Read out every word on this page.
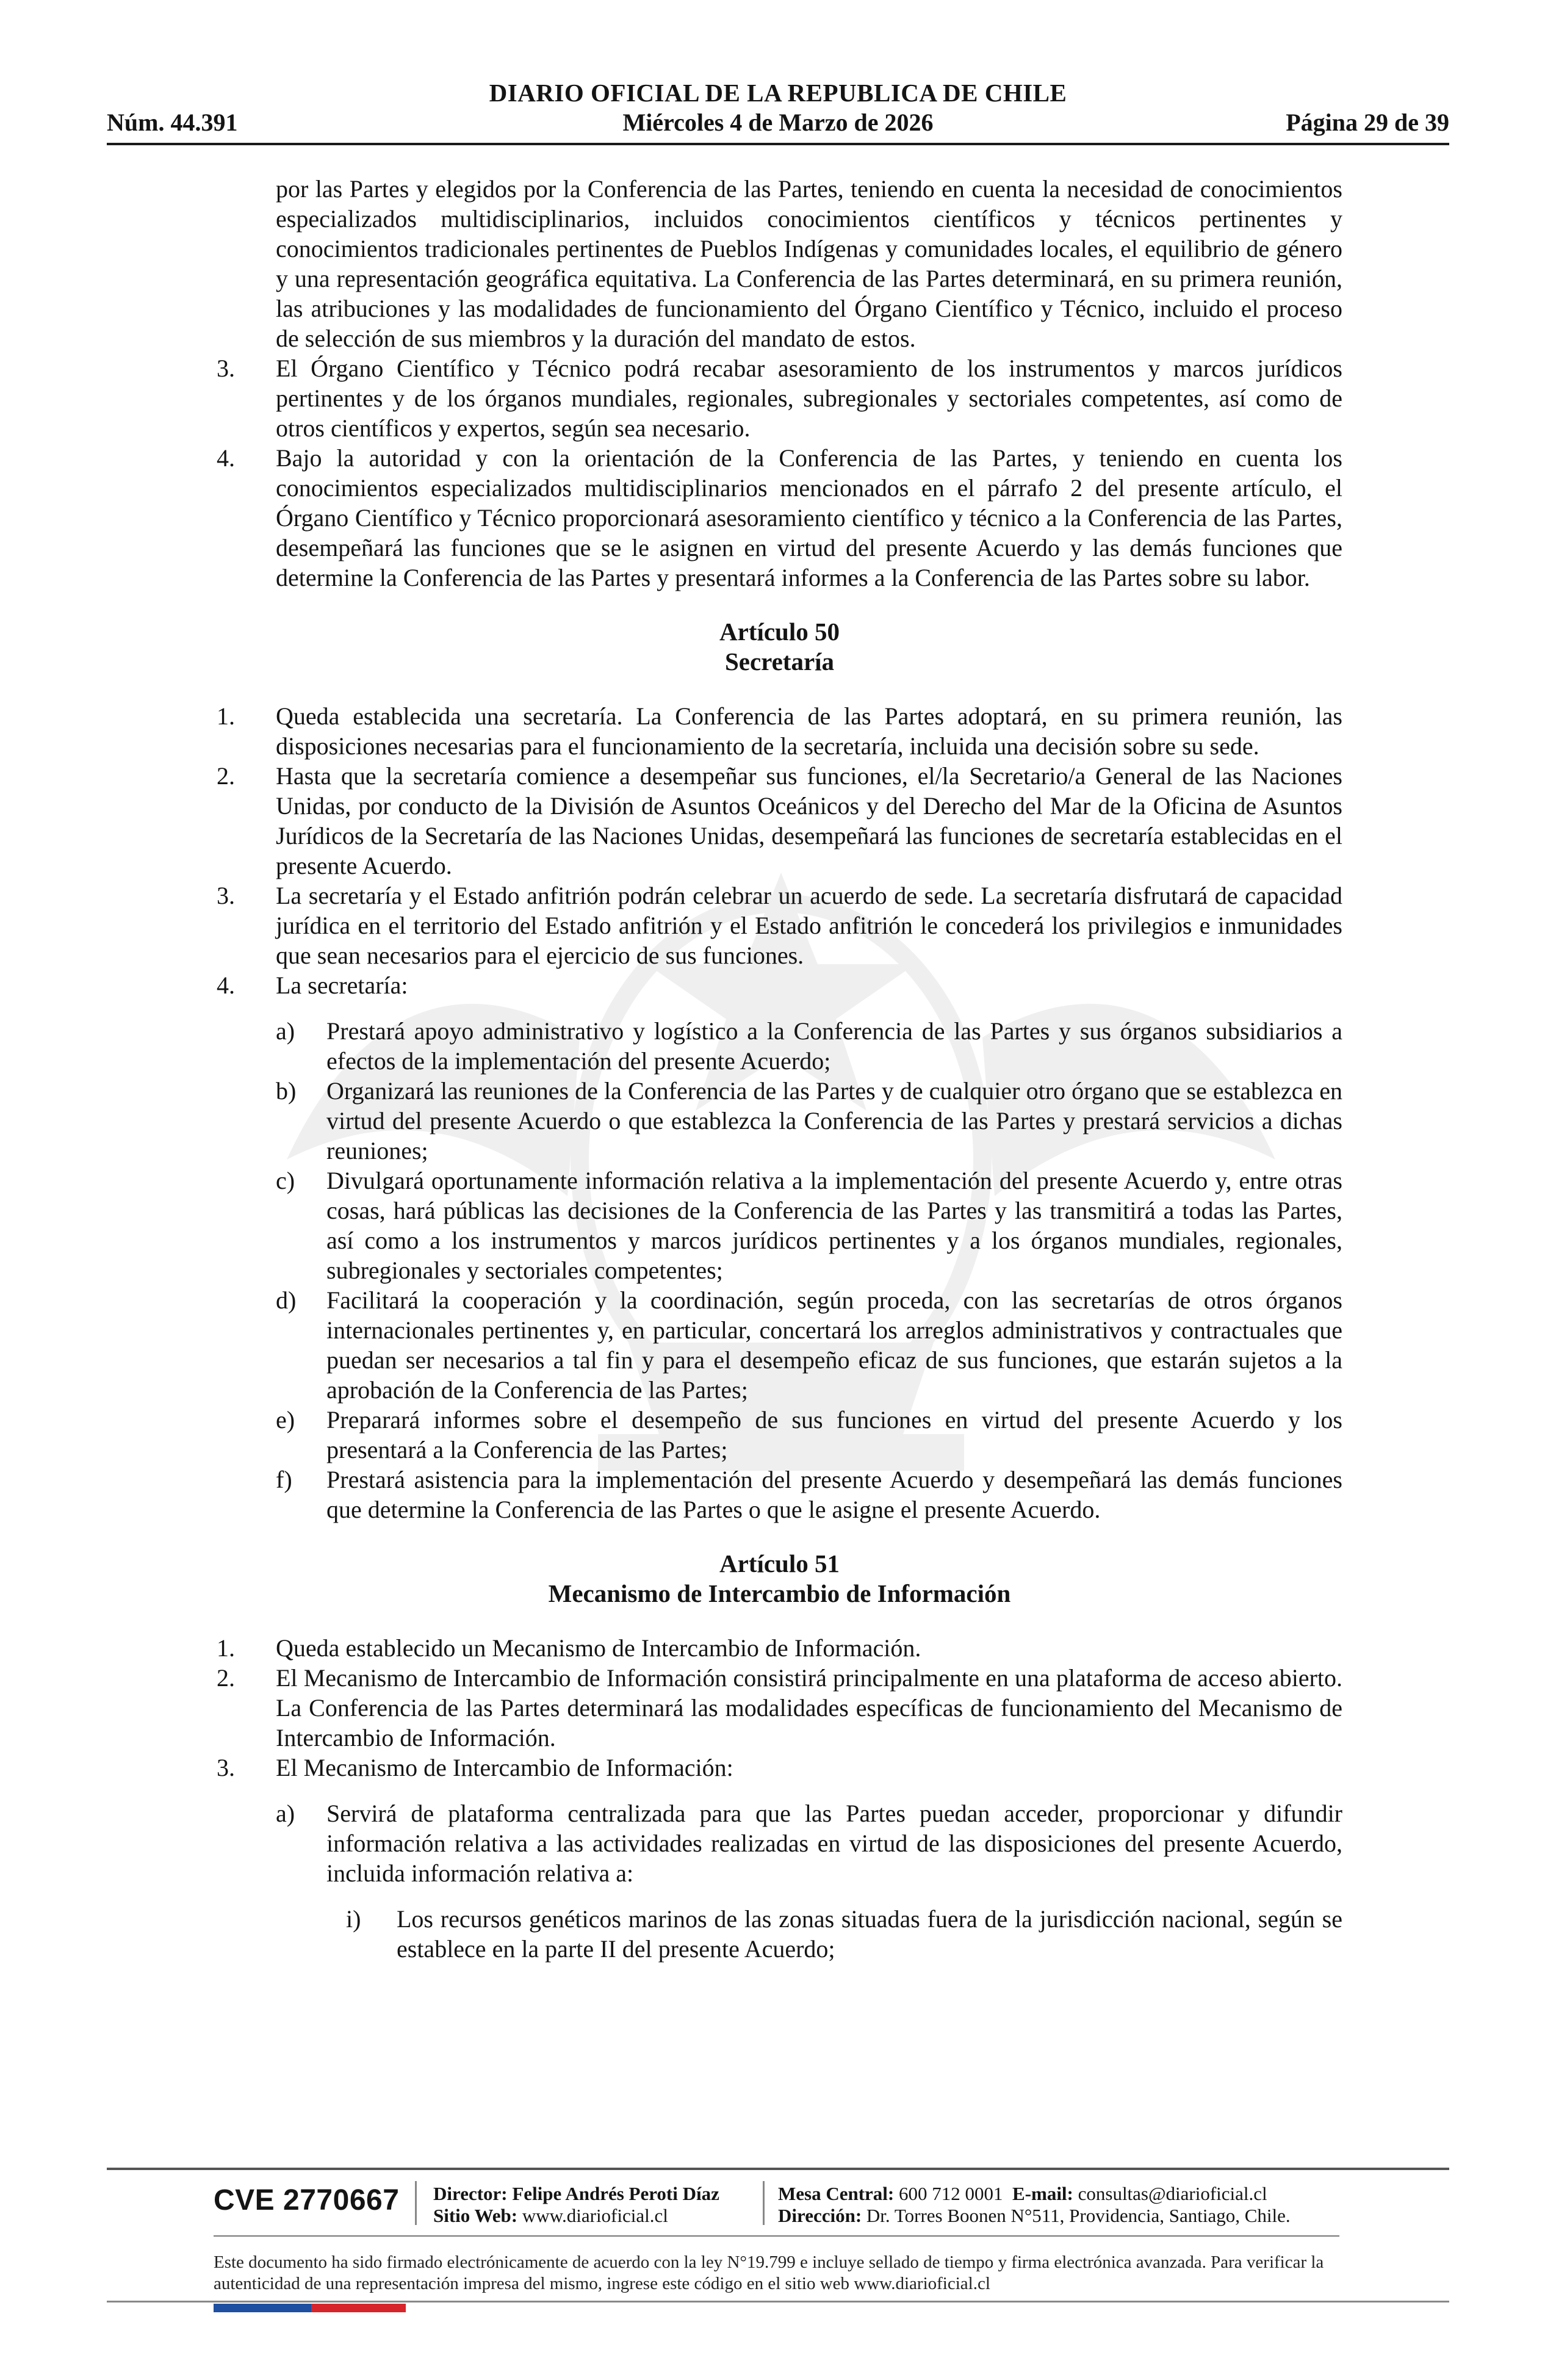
DIARIO OFICIAL DE LA REPUBLICA DE CHILE
Núm. 44.391	Miércoles 4 de Marzo de 2026	Página 29 de 39

por las Partes y elegidos por la Conferencia de las Partes, teniendo en cuenta la necesidad de conocimientos especializados multidisciplinarios, incluidos conocimientos científicos y técnicos pertinentes y conocimientos tradicionales pertinentes de Pueblos Indígenas y comunidades locales, el equilibrio de género y una representación geográfica equitativa. La Conferencia de las Partes determinará, en su primera reunión, las atribuciones y las modalidades de funcionamiento del Órgano Científico y Técnico, incluido el proceso de selección de sus miembros y la duración del mandato de estos.

3. El Órgano Científico y Técnico podrá recabar asesoramiento de los instrumentos y marcos jurídicos pertinentes y de los órganos mundiales, regionales, subregionales y sectoriales competentes, así como de otros científicos y expertos, según sea necesario.
4. Bajo la autoridad y con la orientación de la Conferencia de las Partes, y teniendo en cuenta los conocimientos especializados multidisciplinarios mencionados en el párrafo 2 del presente artículo, el Órgano Científico y Técnico proporcionará asesoramiento científico y técnico a la Conferencia de las Partes, desempeñará las funciones que se le asignen en virtud del presente Acuerdo y las demás funciones que determine la Conferencia de las Partes y presentará informes a la Conferencia de las Partes sobre su labor.
Artículo 50
Secretaría
1. Queda establecida una secretaría. La Conferencia de las Partes adoptará, en su primera reunión, las disposiciones necesarias para el funcionamiento de la secretaría, incluida una decisión sobre su sede.
2. Hasta que la secretaría comience a desempeñar sus funciones, el/la Secretario/a General de las Naciones Unidas, por conducto de la División de Asuntos Oceánicos y del Derecho del Mar de la Oficina de Asuntos Jurídicos de la Secretaría de las Naciones Unidas, desempeñará las funciones de secretaría establecidas en el presente Acuerdo.
3. La secretaría y el Estado anfitrión podrán celebrar un acuerdo de sede. La secretaría disfrutará de capacidad jurídica en el territorio del Estado anfitrión y el Estado anfitrión le concederá los privilegios e inmunidades que sean necesarios para el ejercicio de sus funciones.
4. La secretaría:
a) Prestará apoyo administrativo y logístico a la Conferencia de las Partes y sus órganos subsidiarios a efectos de la implementación del presente Acuerdo;
b) Organizará las reuniones de la Conferencia de las Partes y de cualquier otro órgano que se establezca en virtud del presente Acuerdo o que establezca la Conferencia de las Partes y prestará servicios a dichas reuniones;
c) Divulgará oportunamente información relativa a la implementación del presente Acuerdo y, entre otras cosas, hará públicas las decisiones de la Conferencia de las Partes y las transmitirá a todas las Partes, así como a los instrumentos y marcos jurídicos pertinentes y a los órganos mundiales, regionales, subregionales y sectoriales competentes;
d) Facilitará la cooperación y la coordinación, según proceda, con las secretarías de otros órganos internacionales pertinentes y, en particular, concertará los arreglos administrativos y contractuales que puedan ser necesarios a tal fin y para el desempeño eficaz de sus funciones, que estarán sujetos a la aprobación de la Conferencia de las Partes;
e) Preparará informes sobre el desempeño de sus funciones en virtud del presente Acuerdo y los presentará a la Conferencia de las Partes;
f) Prestará asistencia para la implementación del presente Acuerdo y desempeñará las demás funciones que determine la Conferencia de las Partes o que le asigne el presente Acuerdo.
Artículo 51
Mecanismo de Intercambio de Información
1. Queda establecido un Mecanismo de Intercambio de Información.
2. El Mecanismo de Intercambio de Información consistirá principalmente en una plataforma de acceso abierto. La Conferencia de las Partes determinará las modalidades específicas de funcionamiento del Mecanismo de Intercambio de Información.
3. El Mecanismo de Intercambio de Información:
a) Servirá de plataforma centralizada para que las Partes puedan acceder, proporcionar y difundir información relativa a las actividades realizadas en virtud de las disposiciones del presente Acuerdo, incluida información relativa a:
i) Los recursos genéticos marinos de las zonas situadas fuera de la jurisdicción nacional, según se establece en la parte II del presente Acuerdo;
CVE 2770667 Director: Felipe Andrés Peroti Díaz
Sitio Web: www.diarioficial.cl
Mesa Central: 600 712 0001 E-mail: consultas@diarioficial.cl
Dirección: Dr. Torres Boonen N°511, Providencia, Santiago, Chile.
Este documento ha sido firmado electrónicamente de acuerdo con la ley N°19.799 e incluye sellado de tiempo y firma electrónica avanzada. Para verificar la autenticidad de una representación impresa del mismo, ingrese este código en el sitio web www.diarioficial.cl
